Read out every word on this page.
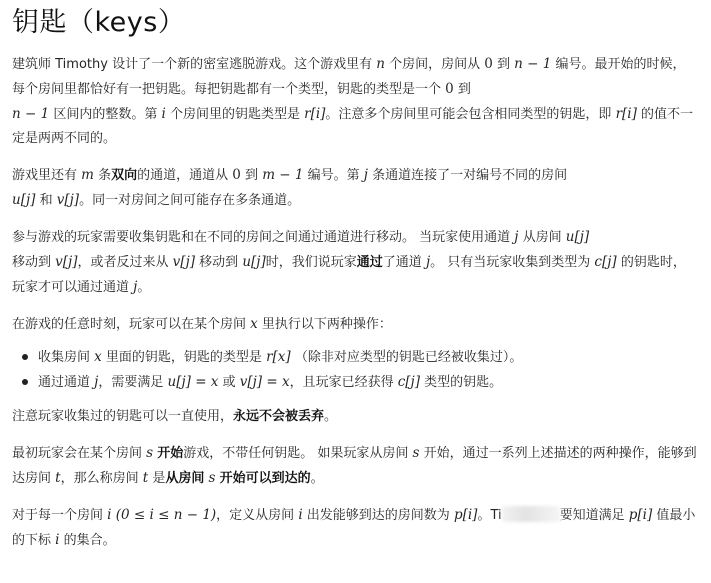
钥匙（keys）

建筑师 Timothy 设计了一个新的密室逃脱游戏。这个游戏里有 n 个房间，房间从 0 到 n − 1 编号。最开始的时候，每个房间里都恰好有一把钥匙。每把钥匙都有一个类型，钥匙的类型是一个 0 到
n − 1 区间内的整数。第 i 个房间里的钥匙类型是 r[i]。注意多个房间里可能会包含相同类型的钥匙，即 r[i] 的值不一定是两两不同的。

游戏里还有 m 条双向的通道，通道从 0 到 m − 1 编号。第 j 条通道连接了一对编号不同的房间
u[j] 和 v[j]。同一对房间之间可能存在多条通道。

参与游戏的玩家需要收集钥匙和在不同的房间之间通过通道进行移动。 当玩家使用通道 j 从房间 u[j]
移动到 v[j]，或者反过来从 v[j] 移动到 u[j]时，我们说玩家通过了通道 j。 只有当玩家收集到类型为 c[j] 的钥匙时，玩家才可以通过通道 j。

在游戏的任意时刻，玩家可以在某个房间 x 里执行以下两种操作：

收集房间 x 里面的钥匙，钥匙的类型是 r[x] （除非对应类型的钥匙已经被收集过）。
通过通道 j，需要满足 u[j] = x 或 v[j] = x，且玩家已经获得 c[j] 类型的钥匙。

注意玩家收集过的钥匙可以一直使用，永远不会被丢弃。

最初玩家会在某个房间 s 开始游戏，不带任何钥匙。 如果玩家从房间 s 开始，通过一系列上述描述的两种操作，能够到达房间 t，那么称房间 t 是从房间 s 开始可以到达的。

对于每一个房间 i (0 ≤ i ≤ n − 1)，定义从房间 i 出发能够到达的房间数为 p[i]。Ti	要知道满足 p[i] 值最小的下标 i 的集合。
